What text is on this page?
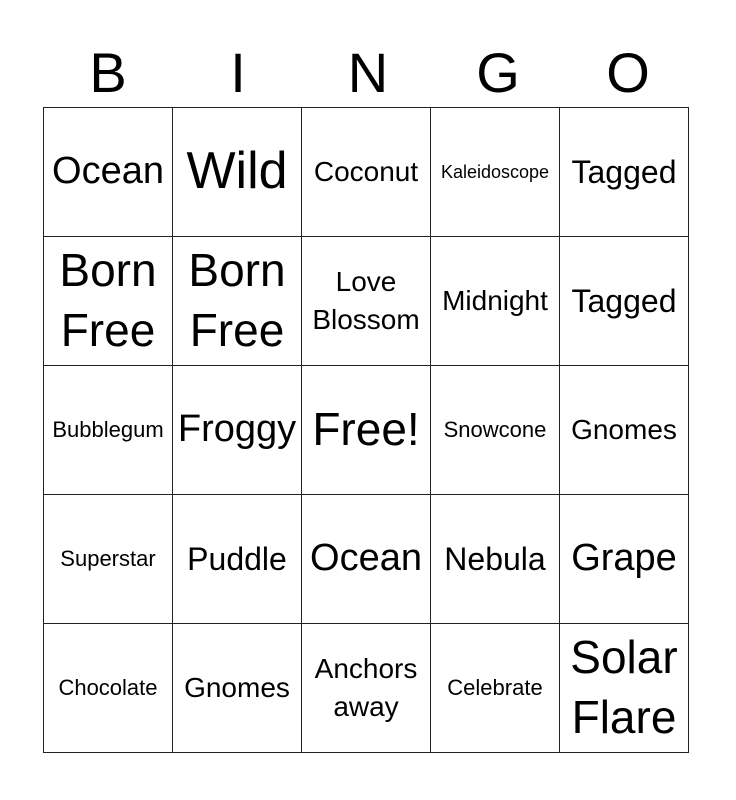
B	I	N	G	O
Ocean	Wild	Coconut	Kaleidoscope	Tagged

Born Free	Born Free	Love Blossom	Midnight	Tagged

Bubblegum	Froggy	Free!	Snowcone	Gnomes

Superstar	Puddle	Ocean	Nebula	Grape

Chocolate	Gnomes	Anchors away	Celebrate	Solar Flare
